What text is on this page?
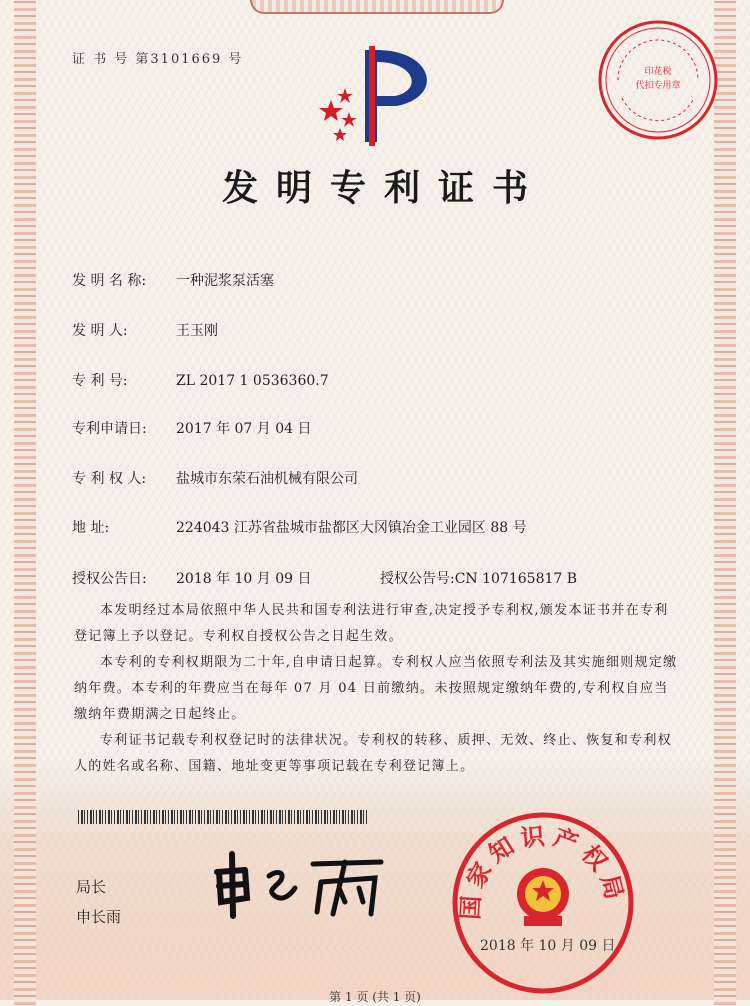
证 书 号 第3101669 号
印花税
代扣专用章
发明专利证书
发 明 名 称: 一种泥浆泵活塞
发 明 人:	王玉刚
专 利 号:	ZL 2017 1 0536360.7
专利申请日: 2017 年 07 月 04 日
专 利 权 人: 盐城市东荣石油机械有限公司
地 址:	224043 江苏省盐城市盐都区大冈镇冶金工业园区 88 号
授权公告日: 2018 年 10 月 09 日	授权公告号:CN 107165817 B

本发明经过本局依照中华人民共和国专利法进行审查,决定授予专利权,颁发本证书并在专利登记簿上予以登记。专利权自授权公告之日起生效。

本专利的专利权期限为二十年,自申请日起算。专利权人应当依照专利法及其实施细则规定缴纳年费。本专利的年费应当在每年 07 月 04 日前缴纳。未按照规定缴纳年费的,专利权自应当缴纳年费期满之日起终止。

专利证书记载专利权登记时的法律状况。专利权的转移、质押、无效、终止、恢复和专利权人的姓名或名称、国籍、地址变更等事项记载在专利登记簿上。

局长
申长雨	国家知识产权局
2018 年 10 月 09 日
第 1 页 (共 1 页)
